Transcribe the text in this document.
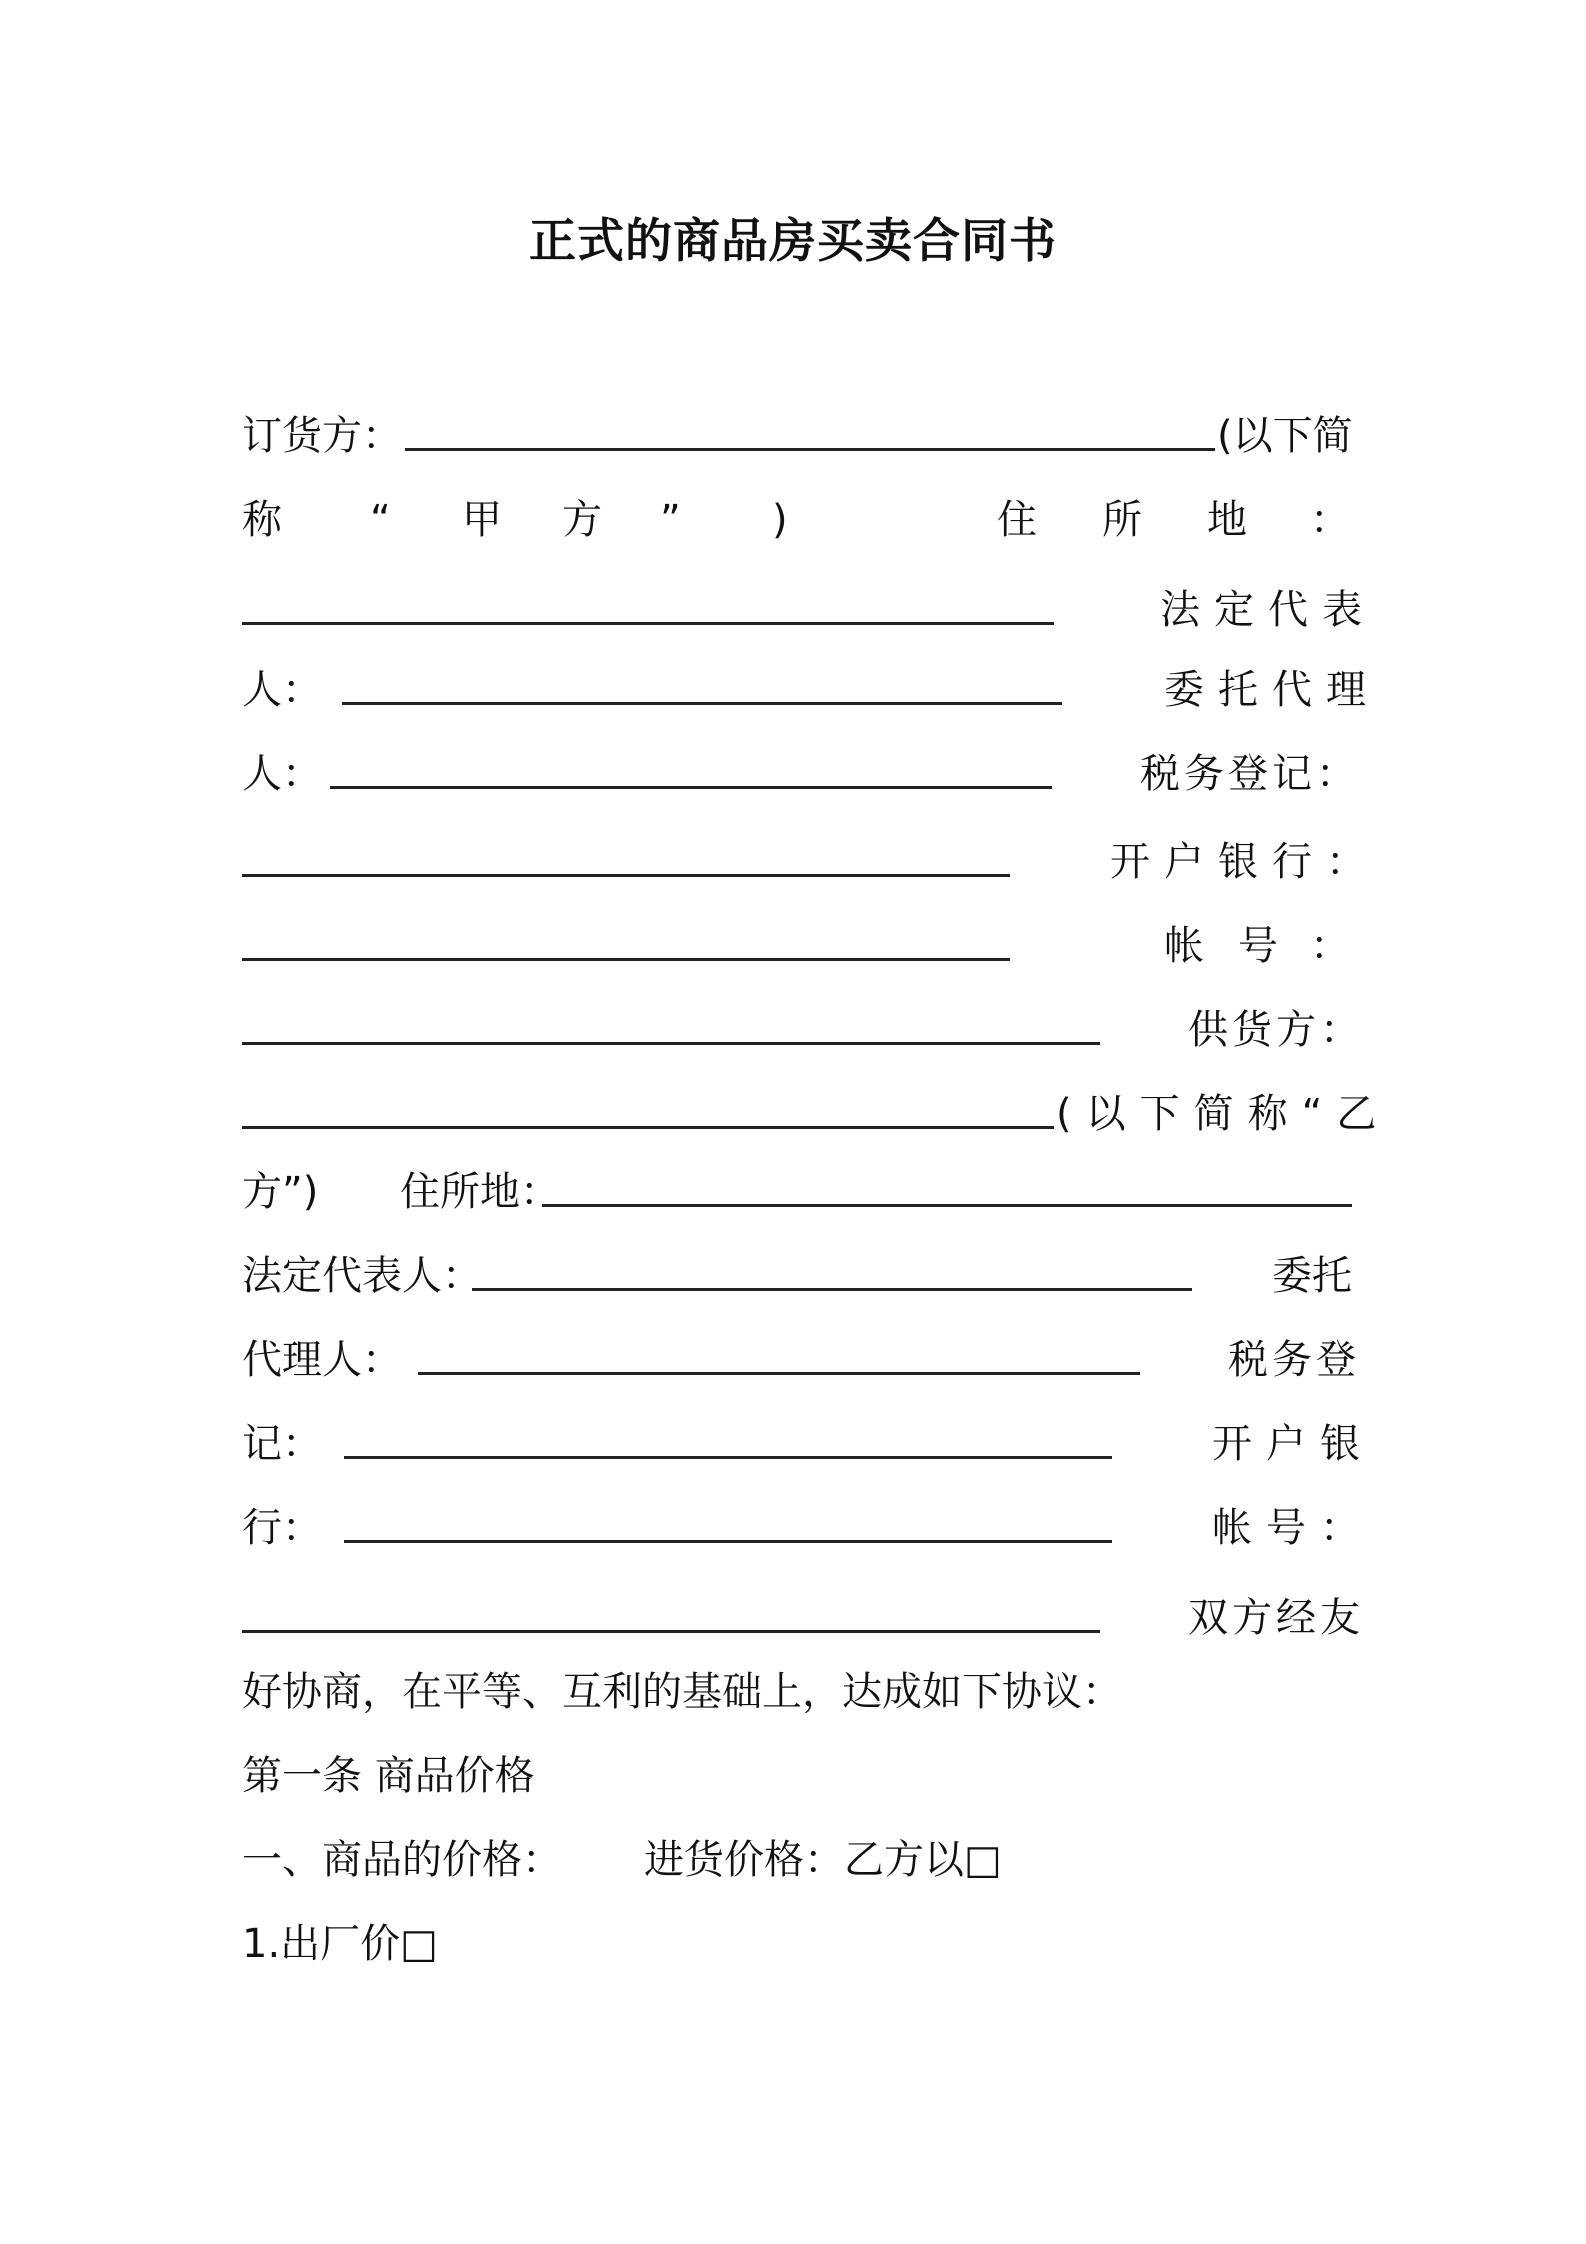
正式的商品房买卖合同书
订货方：	(以下简
称 “ 甲 方 ” )	住 所 地 ：
法定代表
人：	委托代理
人：	税务登记：
开户银行：
帐 号 ：
供货方：
(以下简称“乙
方”) 住所地：
法定代表人：	委托
代理人：	税务登
记：	开户银
行：	帐号：
双方经友
好协商，在平等、互利的基础上，达成如下协议：
第一条 商品价格
一、商品的价格： 进货价格：乙方以□
1.出厂价□
